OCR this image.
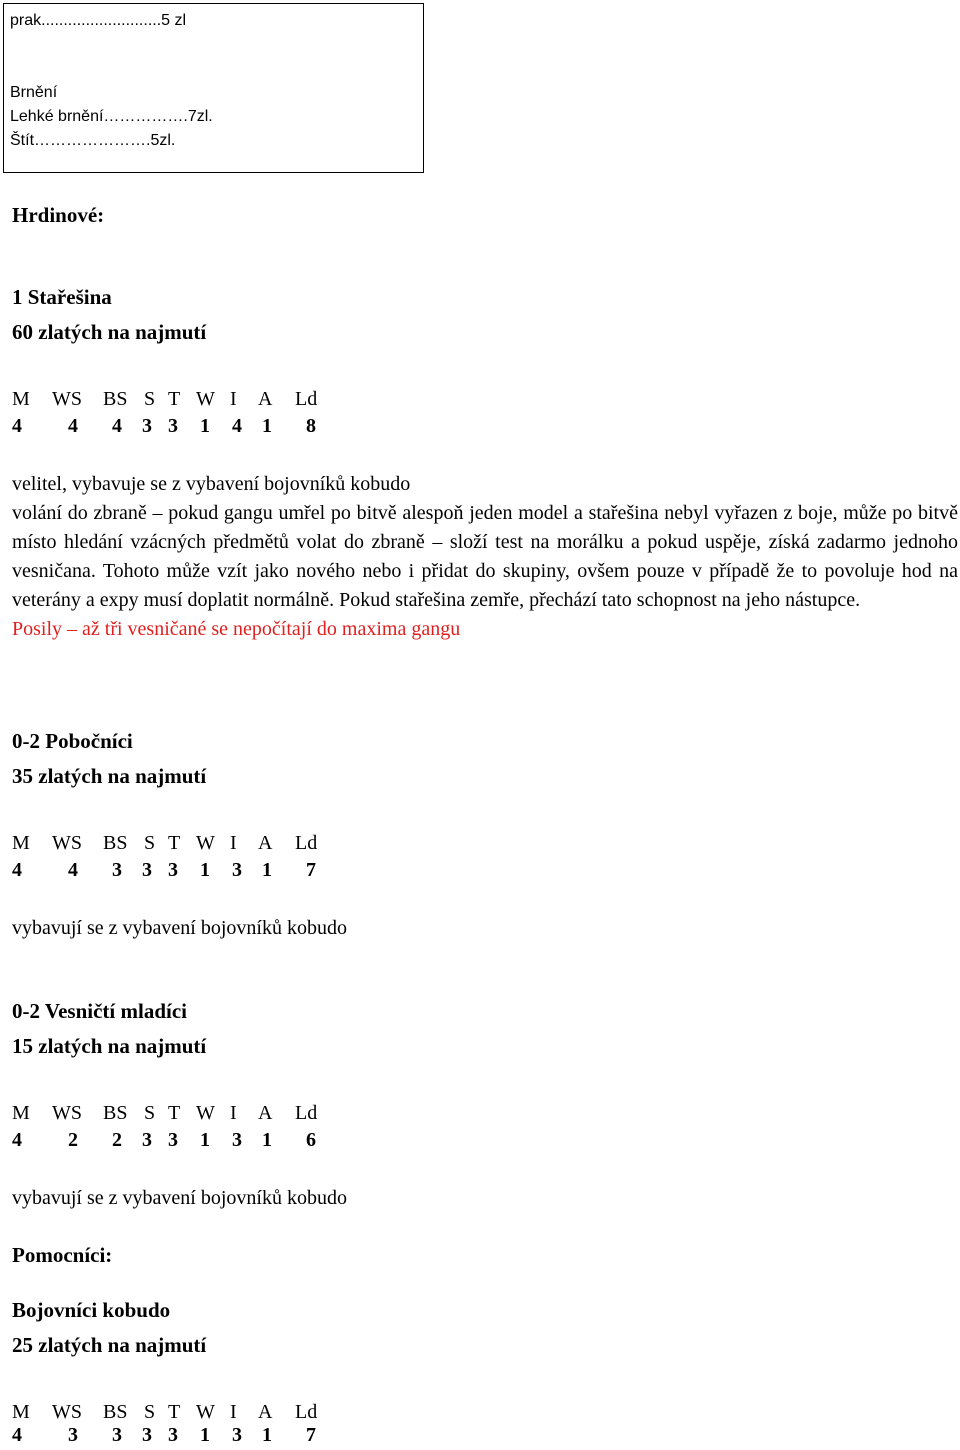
prak...........................5 zl
Brnění
Lehké brnění…………….7zl.
Štít………………….5zl.
Hrdinové:
1 Stařešina
60 zlatých na najmutí
M WS BS S T W I A Ld
4 4 4 3 3 1 4 1 8

velitel, vybavuje se z vybavení bojovníků kobudo

volání do zbraně – pokud gangu umřel po bitvě alespoň jeden model a stařešina nebyl vyřazen z boje, může po bitvě místo hledání vzácných předmětů volat do zbraně – složí test na morálku a pokud uspěje, získá zadarmo jednoho vesničana. Tohoto může vzít jako nového nebo i přidat do skupiny, ovšem pouze v případě že to povoluje hod na veterány a expy musí doplatit normálně. Pokud stařešina zemře, přechází tato schopnost na jeho nástupce.

Posily – až tři vesničané se nepočítají do maxima gangu

0-2 Pobočníci
35 zlatých na najmutí
M WS BS S T W I A Ld
4 4 3 3 3 1 3 1 7
vybavují se z vybavení bojovníků kobudo
0-2 Vesničtí mladíci
15 zlatých na najmutí
M WS BS S T W I A Ld
4 2 2 3 3 1 3 1 6
vybavují se z vybavení bojovníků kobudo
Pomocníci:
Bojovníci kobudo
25 zlatých na najmutí
M WS BS S T W I A Ld
4 3 3 3 3 1 3 1 7
